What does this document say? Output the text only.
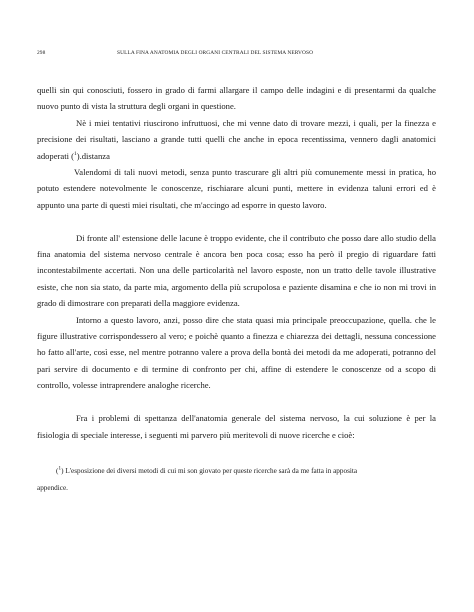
298	SULLA FINA ANATOMIA DEGLI ORGANI CENTRALI DEL SISTEMA NERVOSO

quelli sin qui conosciuti, fossero in grado di farmi allargare il campo delle indagini e di presentarmi da qualche nuovo punto di vista la struttura degli organi in questione.

Nè i miei tentativi riuscirono infruttuosi, che mi venne dato di trovare mezzi, i quali, per la finezza e precisione dei risultati, lasciano a grande tutti quelli che anche in epoca recentissima, vennero dagli anatomici adoperati ($^1$).distanza

Valendomi di tali nuovi metodi, senza punto trascurare gli altri più comunemente messi in pratica, ho potuto estendere notevolmente le conoscenze, rischiarare alcuni punti, mettere in evidenza taluni errori ed è appunto una parte di questi miei risultati, che m'accingo ad esporre in questo lavoro.

Di fronte all' estensione delle lacune è troppo evidente, che il contributo che posso dare allo studio della fina anatomia del sistema nervoso centrale è ancora ben poca cosa; esso ha però il pregio di riguardare fatti incontestabilmente accertati. Non una delle particolarità nel lavoro esposte, non un tratto delle tavole illustrative esiste, che non sia stato, da parte mia, argomento della più scrupolosa e paziente disamina e che io non mi trovi in grado di dimostrare con preparati della maggiore evidenza.

Intorno a questo lavoro, anzi, posso dire che stata quasi mia principale preoccupazione, quella. che le figure illustrative corrispondessero al vero; e poichè quanto a finezza e chiarezza dei dettagli, nessuna concessione ho fatto all'arte, così esse, nel mentre potranno valere a prova della bontà dei metodi da me adoperati, potranno del pari servire di documento e di termine di confronto per chi, affine di estendere le conoscenze od a scopo di controllo, volesse intraprendere analoghe ricerche.

Fra i problemi di spettanza dell'anatomia generale del sistema nervoso, la cui soluzione è per la fisiologia di speciale interesse, i seguenti mi parvero più meritevoli di nuove ricerche e cioè:

($^1$) L'esposizione dei diversi metodi di cui mi son giovato per queste ricerche sarà da me fatta in apposita

appendice.
